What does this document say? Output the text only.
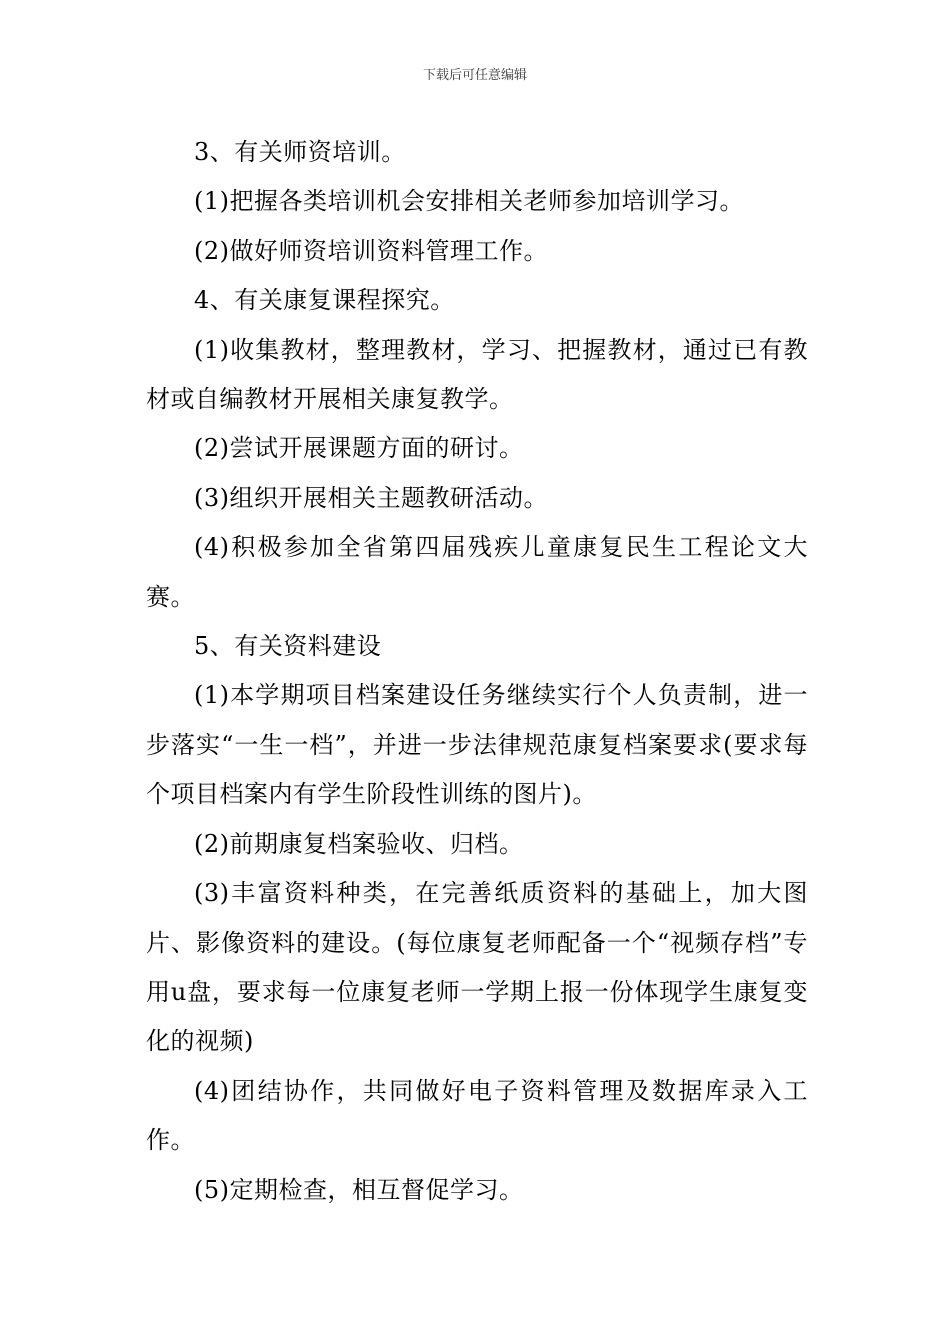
下载后可任意编辑

3、有关师资培训。

(1)把握各类培训机会安排相关老师参加培训学习。

(2)做好师资培训资料管理工作。

4、有关康复课程探究。

(1)收集教材，整理教材，学习、把握教材，通过已有教材或自编教材开展相关康复教学。

(2)尝试开展课题方面的研讨。

(3)组织开展相关主题教研活动。

(4)积极参加全省第四届残疾儿童康复民生工程论文大赛。

5、有关资料建设

(1)本学期项目档案建设任务继续实行个人负责制，进一步落实“一生一档”，并进一步法律规范康复档案要求(要求每个项目档案内有学生阶段性训练的图片)。

(2)前期康复档案验收、归档。

(3)丰富资料种类，在完善纸质资料的基础上，加大图片、影像资料的建设。(每位康复老师配备一个“视频存档”专用u盘，要求每一位康复老师一学期上报一份体现学生康复变化的视频)

(4)团结协作，共同做好电子资料管理及数据库录入工作。

(5)定期检查，相互督促学习。
